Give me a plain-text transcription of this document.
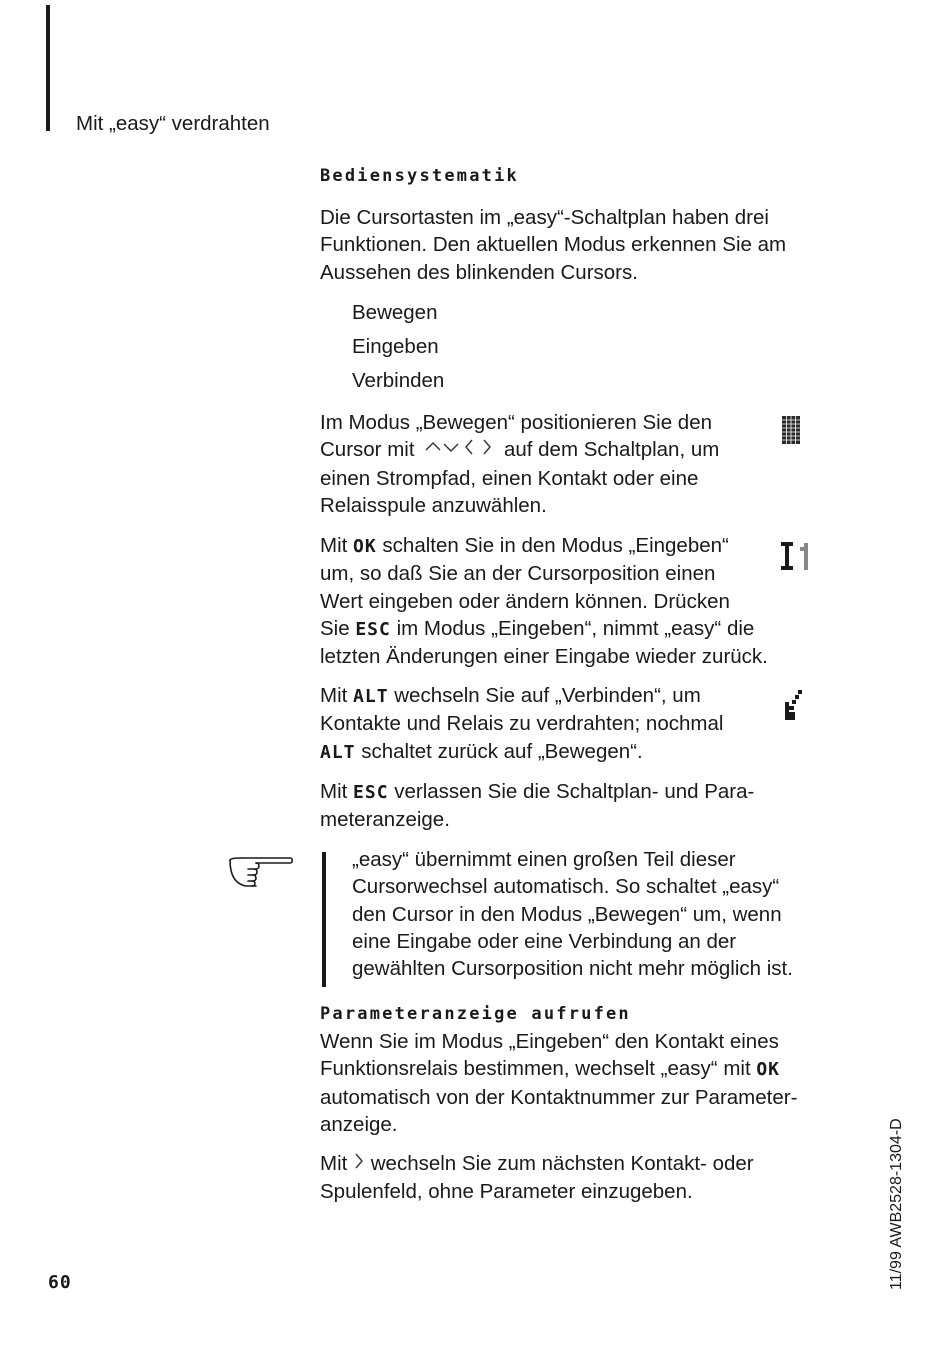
Mit „easy“ verdrahten
Bediensystematik
Die Cursortasten im „easy“-Schaltplan haben drei
Funktionen. Den aktuellen Modus erkennen Sie am
Aussehen des blinkenden Cursors.
Bewegen
Eingeben
Verbinden
Im Modus „Bewegen“ positionieren Sie den
Cursor mit	auf dem Schaltplan, um
einen Strompfad, einen Kontakt oder eine
Relaisspule anzuwählen.
Mit OK schalten Sie in den Modus „Eingeben“
um, so daß Sie an der Cursorposition einen
Wert eingeben oder ändern können. Drücken
Sie ESC im Modus „Eingeben“, nimmt „easy“ die
letzten Änderungen einer Eingabe wieder zurück.
Mit ALT wechseln Sie auf „Verbinden“, um
Kontakte und Relais zu verdrahten; nochmal
ALT schaltet zurück auf „Bewegen“.
Mit ESC verlassen Sie die Schaltplan- und Para-
meteranzeige.
„easy“ übernimmt einen großen Teil dieser
Cursorwechsel automatisch. So schaltet „easy“
den Cursor in den Modus „Bewegen“ um, wenn
eine Eingabe oder eine Verbindung an der
gewählten Cursorposition nicht mehr möglich ist.
Parameteranzeige aufrufen
Wenn Sie im Modus „Eingeben“ den Kontakt eines
Funktionsrelais bestimmen, wechselt „easy“ mit OK
automatisch von der Kontaktnummer zur Parameter-
anzeige.
Mit wechseln Sie zum nächsten Kontakt- oder
Spulenfeld, ohne Parameter einzugeben.
60	11/99 AWB2528-1304-D
